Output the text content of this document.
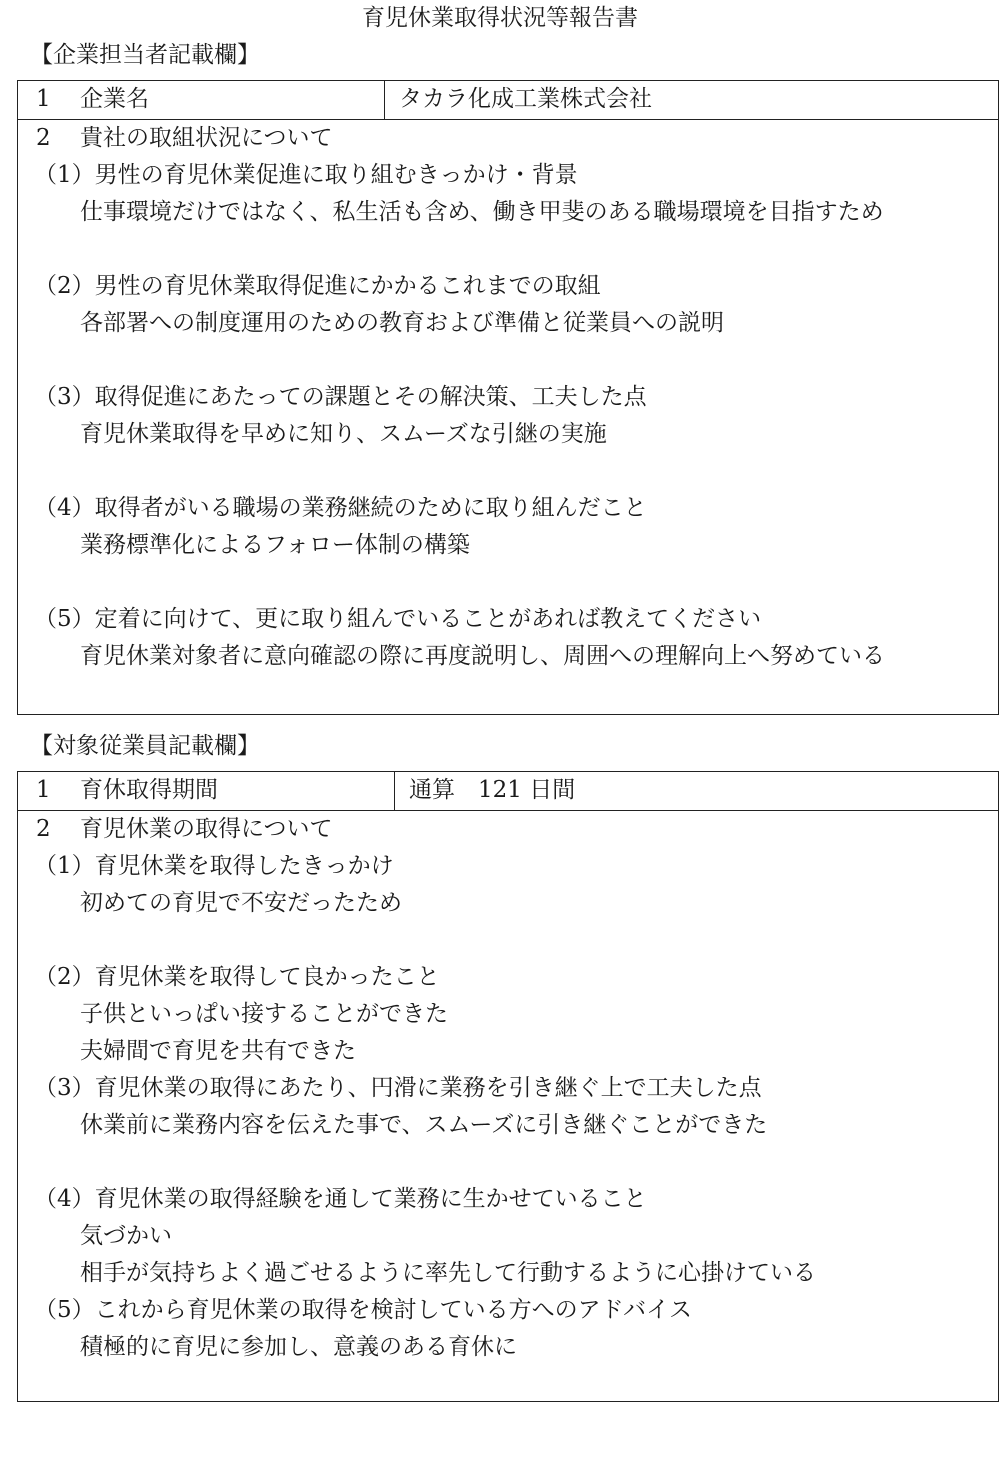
育児休業取得状況等報告書
【企業担当者記載欄】
1 企業名	タカラ化成工業株式会社
2 貴社の取組状況について
（1）男性の育児休業促進に取り組むきっかけ・背景
仕事環境だけではなく、私生活も含め、働き甲斐のある職場環境を目指すため
（2）男性の育児休業取得促進にかかるこれまでの取組
各部署への制度運用のための教育および準備と従業員への説明
（3）取得促進にあたっての課題とその解決策、工夫した点
育児休業取得を早めに知り、スムーズな引継の実施
（4）取得者がいる職場の業務継続のために取り組んだこと
業務標準化によるフォロー体制の構築
（5）定着に向けて、更に取り組んでいることがあれば教えてください
育児休業対象者に意向確認の際に再度説明し、周囲への理解向上へ努めている
【対象従業員記載欄】
1 育休取得期間	通算　121 日間
2 育児休業の取得について
（1）育児休業を取得したきっかけ
初めての育児で不安だったため
（2）育児休業を取得して良かったこと
子供といっぱい接することができた
夫婦間で育児を共有できた
（3）育児休業の取得にあたり、円滑に業務を引き継ぐ上で工夫した点
休業前に業務内容を伝えた事で、スムーズに引き継ぐことができた
（4）育児休業の取得経験を通して業務に生かせていること
気づかい
相手が気持ちよく過ごせるように率先して行動するように心掛けている
（5）これから育児休業の取得を検討している方へのアドバイス
積極的に育児に参加し、意義のある育休に
